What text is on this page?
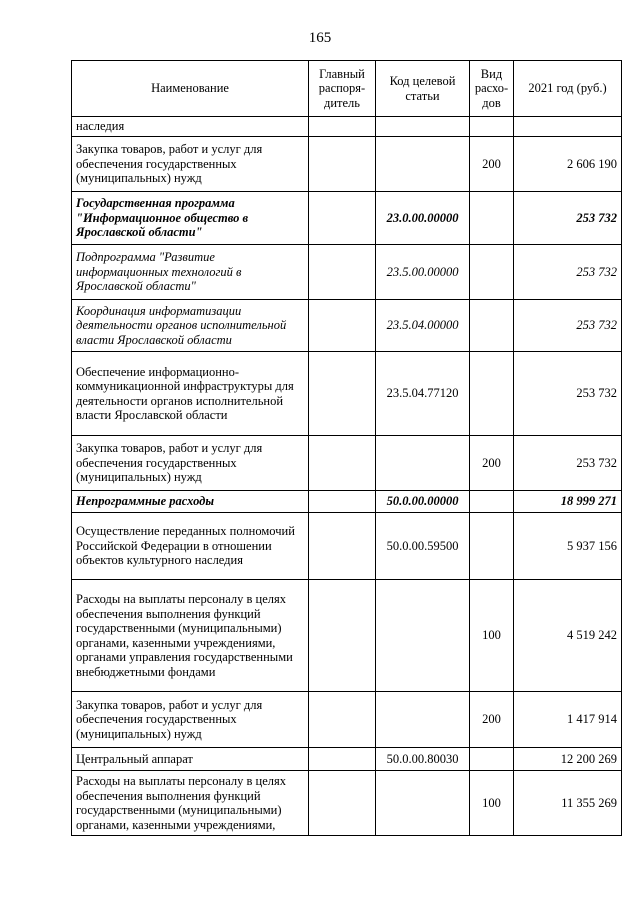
165
Наименование	Главный распоря-дитель	Код целевой статьи	Вид расхо-дов	2021 год (руб.)
наследия				
Закупка товаров, работ и услуг для обеспечения государственных (муниципальных) нужд			200	2 606 190
Государственная программа "Информационное общество в Ярославской области"		23.0.00.00000		253 732
Подпрограмма "Развитие информационных технологий в Ярославской области"		23.5.00.00000		253 732
Координация информатизации деятельности органов исполнительной власти Ярославской области		23.5.04.00000		253 732
Обеспечение информационно-коммуникационной инфраструктуры для деятельности органов исполнительной власти Ярославской области		23.5.04.77120		253 732
Закупка товаров, работ и услуг для обеспечения государственных (муниципальных) нужд			200	253 732
Непрограммные расходы		50.0.00.00000		18 999 271
Осуществление переданных полномочий Российской Федерации в отношении объектов культурного наследия		50.0.00.59500		5 937 156
Расходы на выплаты персоналу в целях обеспечения выполнения функций государственными (муниципальными) органами, казенными учреждениями, органами управления государственными внебюджетными фондами			100	4 519 242
Закупка товаров, работ и услуг для обеспечения государственных (муниципальных) нужд			200	1 417 914
Центральный аппарат		50.0.00.80030		12 200 269
Расходы на выплаты персоналу в целях обеспечения выполнения функций государственными (муниципальными) органами, казенными учреждениями,			100	11 355 269
